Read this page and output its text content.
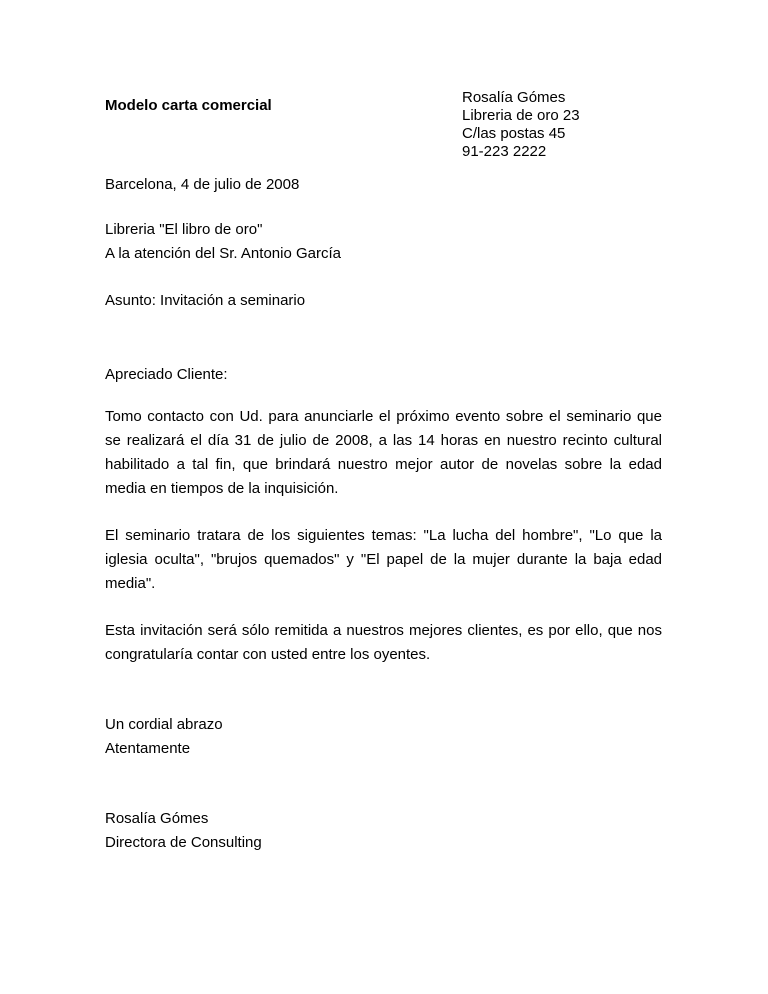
Modelo carta comercial	Rosalía Gómes
Libreria de oro 23
C/las postas 45
91-223 2222
Barcelona, 4 de julio de 2008
Libreria "El libro de oro"
A la atención del Sr. Antonio García
Asunto: Invitación a seminario
Apreciado Cliente:

Tomo contacto con Ud. para anunciarle el próximo evento sobre el seminario que se realizará el día 31 de julio de 2008, a las 14 horas en nuestro recinto cultural habilitado a tal fin, que brindará nuestro mejor autor de novelas sobre la edad media en tiempos de la inquisición.

El seminario tratara de los siguientes temas: "La lucha del hombre", "Lo que la iglesia oculta", "brujos quemados" y "El papel de la mujer durante la baja edad media".

Esta invitación será sólo remitida a nuestros mejores clientes, es por ello, que nos congratularía contar con usted entre los oyentes.

Un cordial abrazo
Atentamente
Rosalía Gómes
Directora de Consulting
